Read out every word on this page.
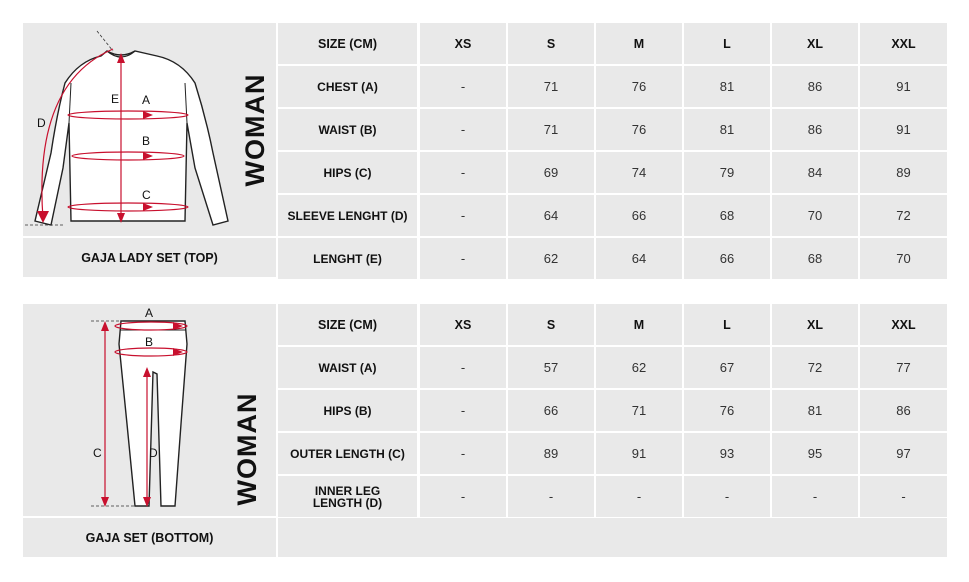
A
B
C
D
E	WOMAN
GAJA LADY SET (TOP)
SIZE (CM)	XS	S	M	L	XL	XXL
CHEST (A)	-	71	76	81	86	91
WAIST (B)	-	71	76	81	86	91
HIPS (C)	-	69	74	79	84	89
SLEEVE LENGHT (D)	-	64	66	68	70	72
LENGHT (E)	-	62	64	66	68	70
A
B
C	D	WOMAN
GAJA SET (BOTTOM)
SIZE (CM)	XS	S	M	L	XL	XXL
WAIST (A)	-	57	62	67	72	77
HIPS (B)	-	66	71	76	81	86
OUTER LENGTH (C)	-	89	91	93	95	97
INNER LEG
LENGTH (D)	-	-	-	-	-	-
